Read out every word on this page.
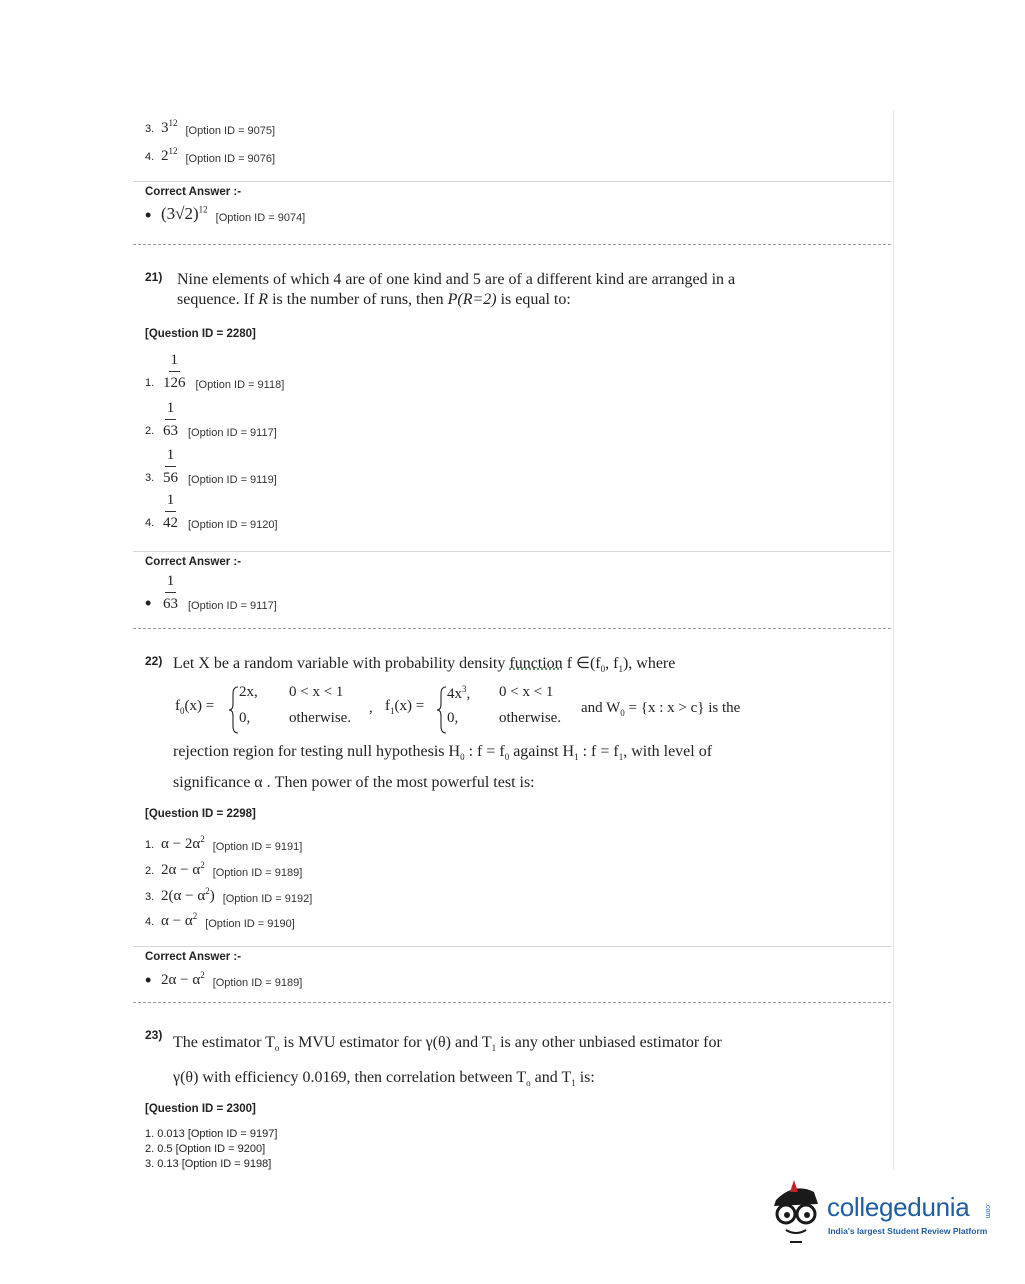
3. $3^{12}$
[Option ID = 9075]
4. $2^{12}$
[Option ID = 9076]
Correct Answer :-
• $(3√2)^{12}$
[Option ID = 9074]
21) Nine elements of which 4 are of one kind and 5 are of a different kind are arranged in a
sequence. If R is the number of runs, then P(R=2) is equal to:
[Question ID = 2280]
1. $\frac{1}{126}$ [Option ID = 9118]
2. $\frac{1}{63}$ [Option ID = 9117]
3. $\frac{1}{56}$ [Option ID = 9119]
4. $\frac{1}{42}$ [Option ID = 9120]
Correct Answer :-
• $\frac{1}{63}$ [Option ID = 9117]
22) Let X be a random variable with probability density function f $\in(f_0$, $f_1$), where
$f_0(x)$ =
2x, 0 < x < 1
0,	otherwise.
, $f_1(x)$ =
$4x^3$, 0 < x < 1
0,	otherwise.
and $W_0 = \{x$ : x > c} is the
rejection region for testing null hypothesis $H_0$ : $f = f_0$ against $H_1$ : $f = f_1$, with level of
significance α . Then power of the most powerful test is:
[Question ID = 2298]
1. $\alpha - 2\alpha^2$
[Option ID = 9191]
2. $2\alpha - \alpha^2$
[Option ID = 9189]
3. $2(\alpha - \alpha^2)$ [Option ID = 9192]
4. $\alpha - \alpha^2$
[Option ID = 9190]
Correct Answer :-
• $2\alpha - \alpha^2$
[Option ID = 9189]
23) The estimator $T_o$ is MVU estimator for γ(θ) and $T_1$ is any other unbiased estimator for
γ(θ) with efficiency 0.0169, then correlation between $T_o$ and $T_1$ is:
[Question ID = 2300]
1. 0.013 [Option ID = 9197]
2. 0.5 [Option ID = 9200]
3. 0.13 [Option ID = 9198]
collegedunia .com
India's largest Student Review Platform
